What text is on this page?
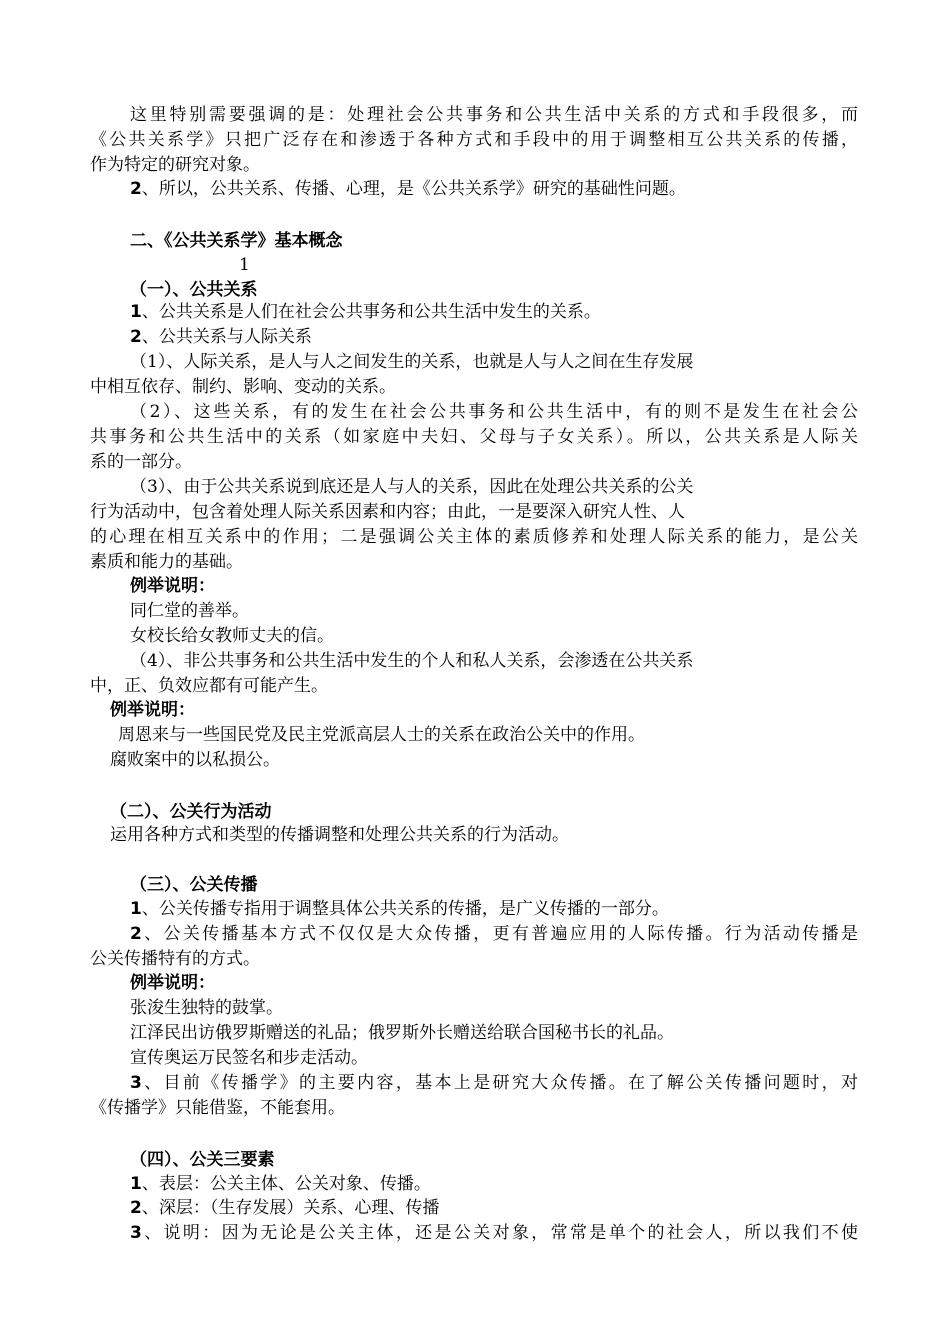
这里特别需要强调的是：处理社会公共事务和公共生活中关系的方式和手段很多，而
《公共关系学》只把广泛存在和渗透于各种方式和手段中的用于调整相互公共关系的传播，
作为特定的研究对象。
2、所以，公共关系、传播、心理，是《公共关系学》研究的基础性问题。
二、《公共关系学》基本概念
1
（一）、公共关系
1、公共关系是人们在社会公共事务和公共生活中发生的关系。
2、公共关系与人际关系
（1）、人际关系，是人与人之间发生的关系，也就是人与人之间在生存发展
中相互依存、制约、影响、变动的关系。
（2）、这些关系，有的发生在社会公共事务和公共生活中，有的则不是发生在社会公
共事务和公共生活中的关系（如家庭中夫妇、父母与子女关系）。所以，公共关系是人际关
系的一部分。
（3）、由于公共关系说到底还是人与人的关系，因此在处理公共关系的公关
行为活动中，包含着处理人际关系因素和内容；由此，一是要深入研究人性、人
的心理在相互关系中的作用；二是强调公关主体的素质修养和处理人际关系的能力，是公关
素质和能力的基础。
例举说明：
同仁堂的善举。
女校长给女教师丈夫的信。
（4）、非公共事务和公共生活中发生的个人和私人关系，会渗透在公共关系
中，正、负效应都有可能产生。
例举说明：
周恩来与一些国民党及民主党派高层人士的关系在政治公关中的作用。
腐败案中的以私损公。
（二）、公关行为活动
运用各种方式和类型的传播调整和处理公共关系的行为活动。
（三）、公关传播
1、公关传播专指用于调整具体公共关系的传播，是广义传播的一部分。
2、公关传播基本方式不仅仅是大众传播，更有普遍应用的人际传播。行为活动传播是
公关传播特有的方式。
例举说明：
张浚生独特的鼓掌。
江泽民出访俄罗斯赠送的礼品；俄罗斯外长赠送给联合国秘书长的礼品。
宣传奥运万民签名和步走活动。
3、目前《传播学》的主要内容，基本上是研究大众传播。在了解公关传播问题时，对
《传播学》只能借鉴，不能套用。
（四）、公关三要素
1、表层：公关主体、公关对象、传播。
2、深层：（生存发展）关系、心理、传播
3、说明：因为无论是公关主体，还是公关对象，常常是单个的社会人，所以我们不使
